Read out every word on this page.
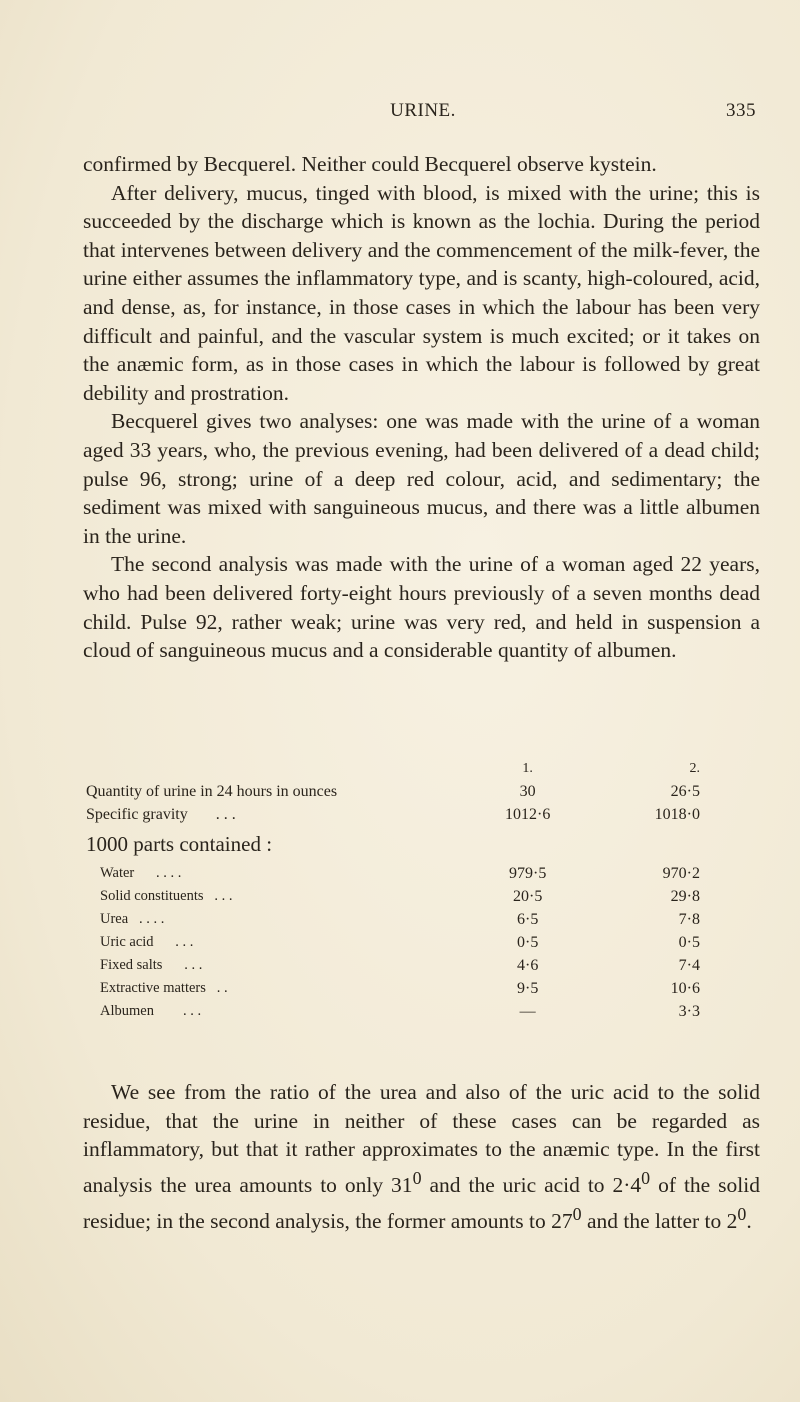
URINE.	335

confirmed by Becquerel. Neither could Becquerel observe kystein.

After delivery, mucus, tinged with blood, is mixed with the urine; this is succeeded by the discharge which is known as the lochia. During the period that intervenes between delivery and the commencement of the milk-fever, the urine either assumes the inflammatory type, and is scanty, high-coloured, acid, and dense, as, for instance, in those cases in which the labour has been very difficult and painful, and the vascular system is much excited; or it takes on the anæmic form, as in those cases in which the labour is followed by great debility and prostration.

Becquerel gives two analyses: one was made with the urine of a woman aged 33 years, who, the previous evening, had been delivered of a dead child; pulse 96, strong; urine of a deep red colour, acid, and sedimentary; the sediment was mixed with sanguineous mucus, and there was a little albumen in the urine.

The second analysis was made with the urine of a woman aged 22 years, who had been delivered forty-eight hours previously of a seven months dead child. Pulse 92, rather weak; urine was very red, and held in suspension a cloud of sanguineous mucus and a considerable quantity of albumen.

	1.	2.
Quantity of urine in 24 hours in ounces	30	26·5
Specific gravity . . .	1012·6	1018·0
1000 parts contained :		
Water . . . .	979·5	970·2
Solid constituents . . .	20·5	29·8
Urea . . . .	6·5	7·8
Uric acid . . .	0·5	0·5
Fixed salts . . .	4·6	7·4
Extractive matters . .	9·5	10·6
Albumen . . .	—	3·3

We see from the ratio of the urea and also of the uric acid to the solid residue, that the urine in neither of these cases can be regarded as inflammatory, but that it rather approximates to the anæmic type. In the first analysis the urea amounts to only $31^0$ and the uric acid to $2\cdot 4^0$ of the solid residue; in the second analysis, the former amounts to $27^0$ and the latter to $2^0$.
